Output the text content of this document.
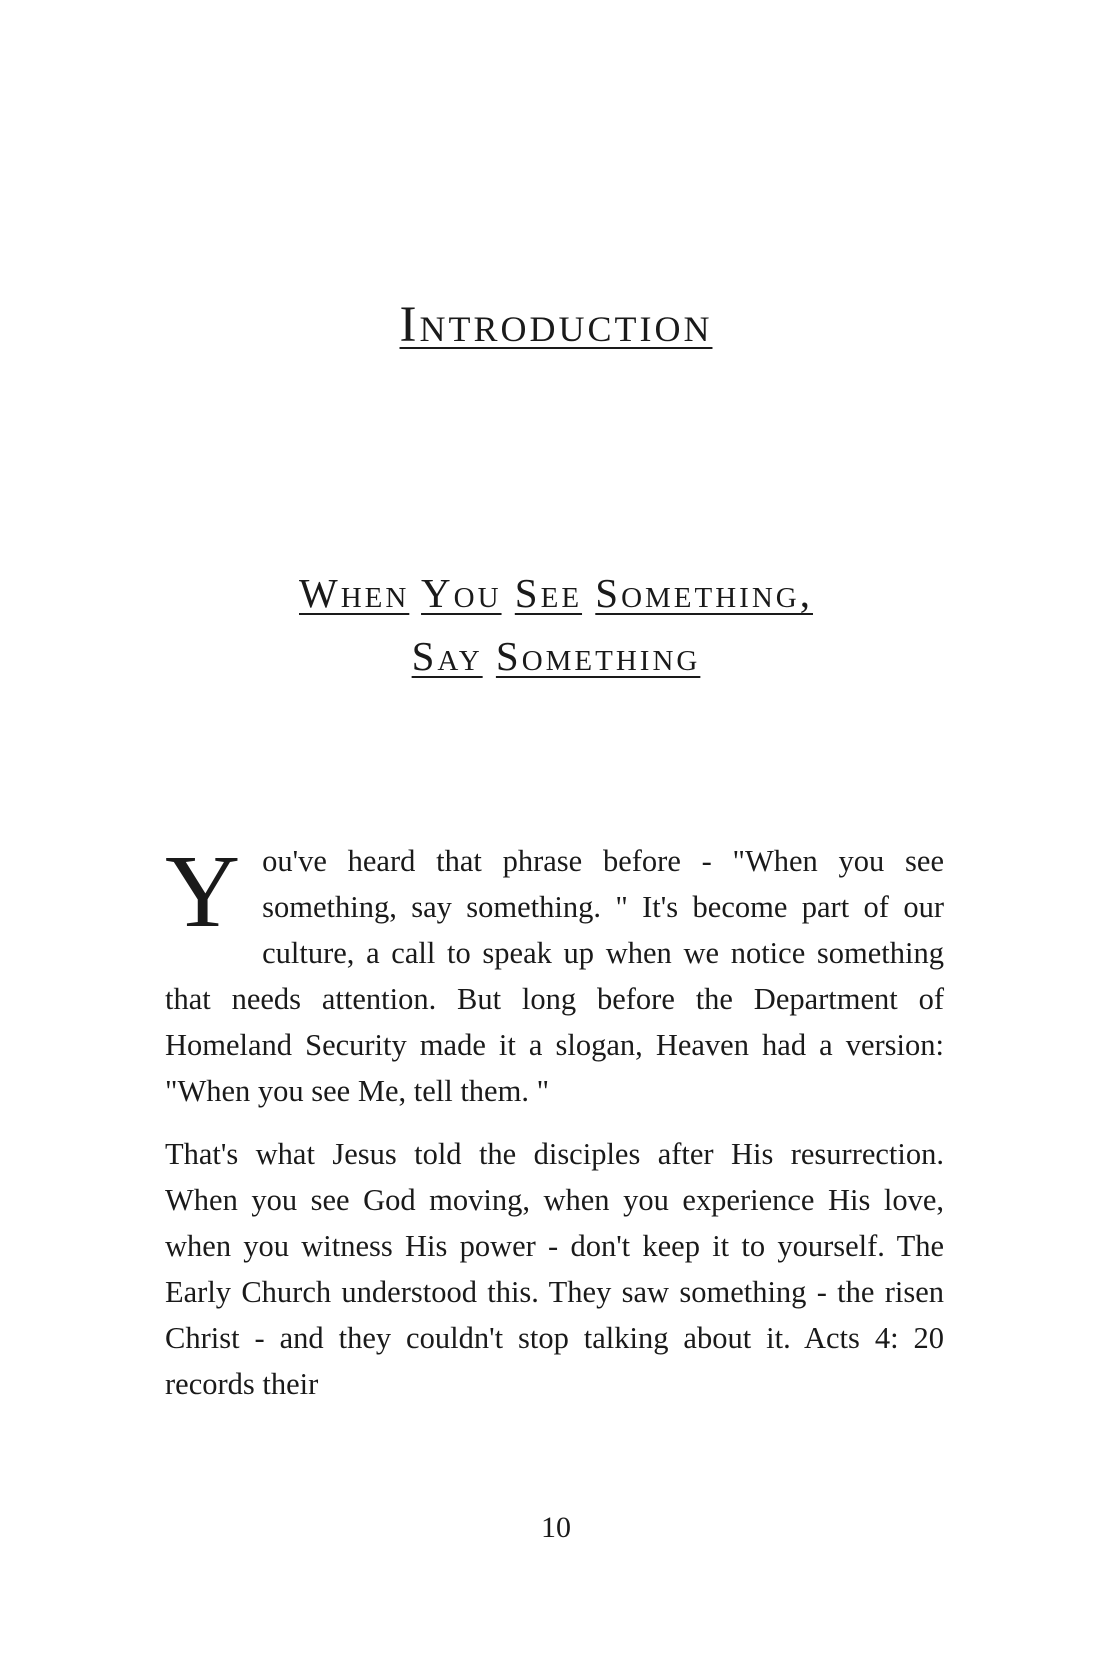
Introduction
When You See Something,
Say Something

Y ou've heard that phrase before - "When you see something, say something. " It's become part of our culture, a call to speak up when we notice something that needs attention. But long before the Department of Homeland Security made it a slogan, Heaven had a version: "When you see Me, tell them. "

That's what Jesus told the disciples after His resurrection. When you see God moving, when you experience His love, when you witness His power - don't keep it to yourself. The Early Church understood this. They saw something - the risen Christ - and they couldn't stop talking about it. Acts 4: 20 records their

10
